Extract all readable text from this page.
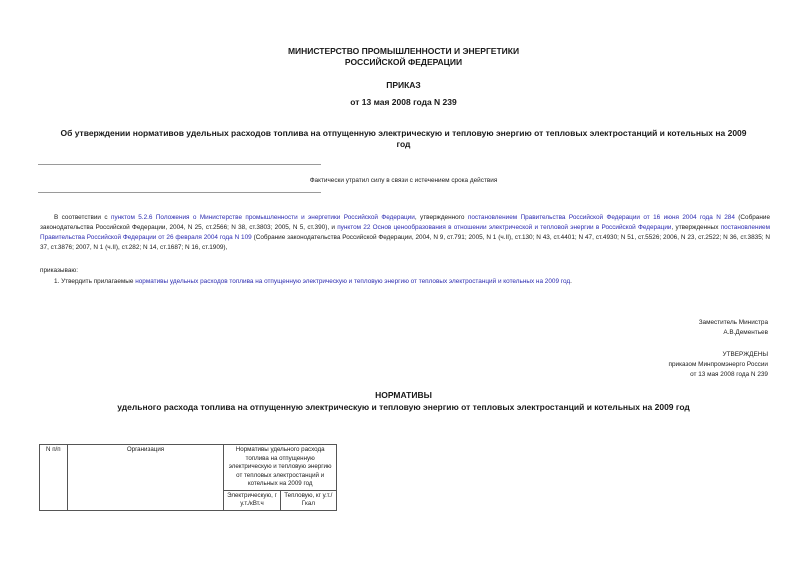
МИНИСТЕРСТВО ПРОМЫШЛЕННОСТИ И ЭНЕРГЕТИКИ
РОССИЙСКОЙ ФЕДЕРАЦИИ
ПРИКАЗ
от 13 мая 2008 года N 239
Об утверждении нормативов удельных расходов топлива на отпущенную электрическую и тепловую энергию от тепловых электростанций и котельных на 2009
год
Фактически утратил силу в связи с истечением срока действия
В соответствии с пунктом 5.2.6 Положения о Министерстве промышленности и энергетики Российской Федерации, утвержденного постановлением Правительства Российской Федерации от 16 июня 2004 года N 284 (Собрание законодательства Российской Федерации, 2004, N 25, ст.2566; N 38, ст.3803; 2005, N 5, ст.390), и пунктом 22 Основ ценообразования в отношении электрической и тепловой энергии в Российской Федерации, утвержденных постановлением Правительства Российской Федерации от 26 февраля 2004 года N 109 (Собрание законодательства Российской Федерации, 2004, N 9, ст.791; 2005, N 1 (ч.II), ст.130; N 43, ст.4401; N 47, ст.4930; N 51, ст.5526; 2006, N 23, ст.2522; N 36, ст.3835; N 37, ст.3876; 2007, N 1 (ч.II), ст.282; N 14, ст.1687; N 16, ст.1909),
приказываю:
1. Утвердить прилагаемые нормативы удельных расходов топлива на отпущенную электрическую и тепловую энергию от тепловых электростанций и котельных на 2009 год.
Заместитель Министра
А.В.Дементьев
УТВЕРЖДЕНЫ
приказом Минпромэнерго России
от 13 мая 2008 года N 239
НОРМАТИВЫ
удельного расхода топлива на отпущенную электрическую и тепловую энергию от тепловых электростанций и котельных на 2009 год
N п/п	Организация	Нормативы удельного расхода топлива на отпущенную электрическую и тепловую энергию от тепловых электростанций и котельных на 2009 год	
		Электрическую, г у.т./кВт.ч	Тепловую, кг у.т./Гкал
